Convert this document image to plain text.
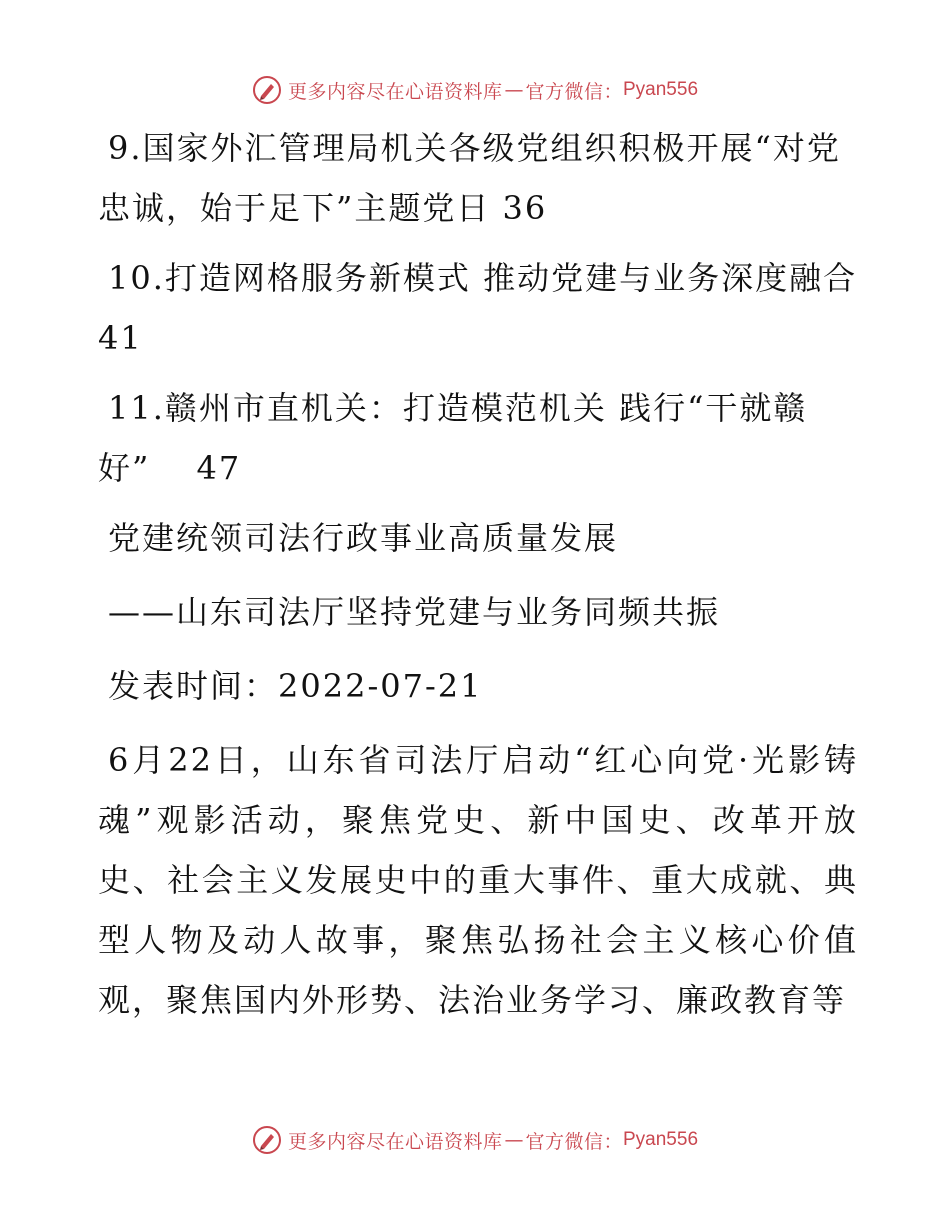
更多内容尽在心语资料库 — 官方微信： Pyan556

9.国家外汇管理局机关各级党组织积极开展“对党忠诚，始于足下”主题党日 36

10.打造网格服务新模式 推动党建与业务深度融合 41

11.赣州市直机关：打造模范机关 践行“干就赣好”　 47

党建统领司法行政事业高质量发展

——山东司法厅坚持党建与业务同频共振

发表时间：2022-07-21

6月22日，山东省司法厅启动“红心向党·光影铸魂”观影活动，聚焦党史、新中国史、改革开放史、社会主义发展史中的重大事件、重大成就、典型人物及动人故事，聚焦弘扬社会主义核心价值观，聚焦国内外形势、法治业务学习、廉政教育等

更多内容尽在心语资料库 — 官方微信： Pyan556
